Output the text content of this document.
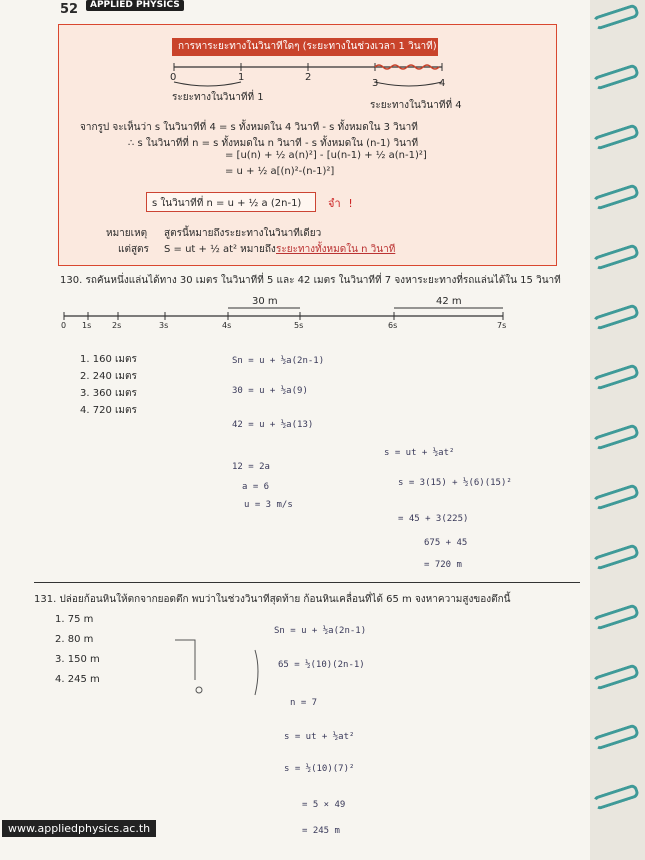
52	APPLIED PHYSICS
การหาระยะทางในวินาทีใดๆ (ระยะทางในช่วงเวลา 1 วินาที)
0	1	2
3	4
ระยะทางในวินาทีที่ 1
ระยะทางในวินาทีที่ 4
จากรูป จะเห็นว่า s ในวินาทีที่ 4 = s ทั้งหมดใน 4 วินาที - s ทั้งหมดใน 3 วินาที
∴ s ในวินาทีที่ n = s ทั้งหมดใน n วินาที - s ทั้งหมดใน (n-1) วินาที
= [u(n) + ½ a(n)²] - [u(n-1) + ½ a(n-1)²]
= u + ½ a[(n)²-(n-1)²]
s ในวินาทีที่ n = u + ½ a (2n-1) จำ !
หมายเหตุ สูตรนี้หมายถึงระยะทางในวินาทีเดียว
แต่สูตร S = ut + ½ at² หมายถึง ระยะทางทั้งหมดใน n วินาที
130. รถคันหนึ่งแล่นได้ทาง 30 เมตร ในวินาทีที่ 5 และ 42 เมตร ในวินาทีที่ 7 จงหาระยะทางที่รถแล่นได้ใน 15 วินาที
30 m	42 m
0 1s	2s	3s	4s	5s	6s	7s
1. 160 เมตร
2. 240 เมตร
3. 360 เมตร
4. 720 เมตร
Sn = u + ½a(2n-1)
30 = u + ½a(9)
42 = u + ½a(13)
12 = 2a
a = 6
u = 3 m/s
s = ut + ½at²
s = 3(15) + ½(6)(15)²
= 45 + 3(225)
675 + 45
= 720 m
131. ปล่อยก้อนหินให้ตกจากยอดตึก พบว่าในช่วงวินาทีสุดท้าย ก้อนหินเคลื่อนที่ได้ 65 m จงหาความสูงของตึกนี้
1. 75 m
2. 80 m
3. 150 m
4. 245 m
Sn = u + ½a(2n-1)
65 = ½(10)(2n-1)
n = 7
s = ut + ½at²
s = ½(10)(7)²
= 5 × 49
= 245 m
www.appliedphysics.ac.th
